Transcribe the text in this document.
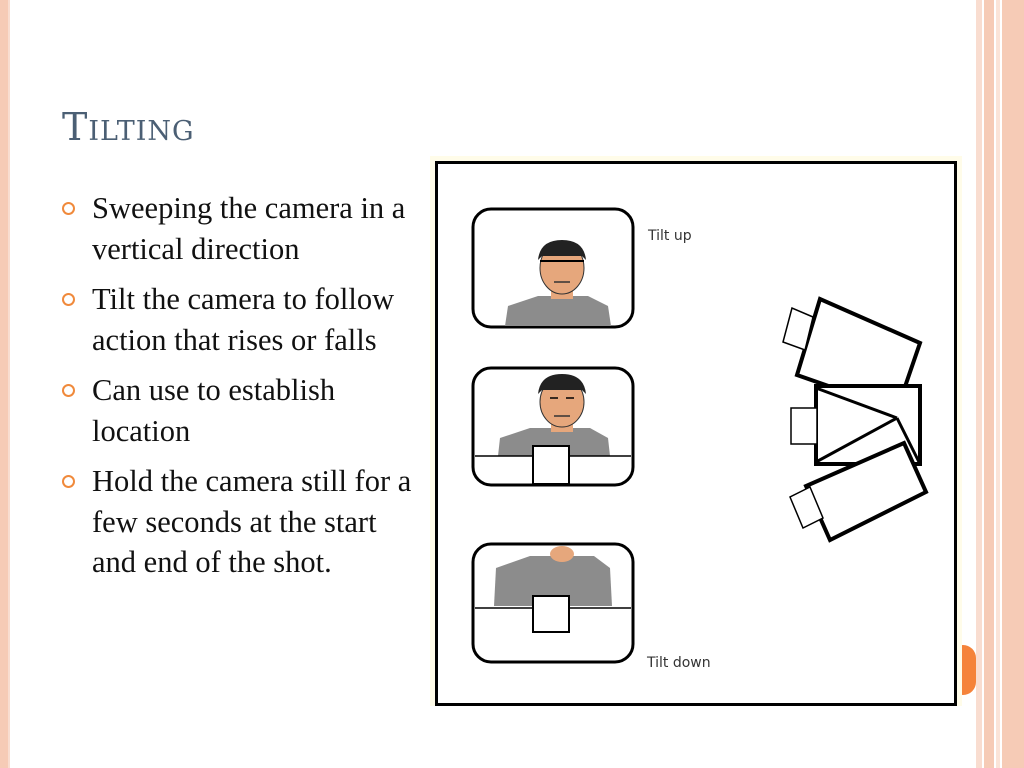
Tilting
Sweeping the camera in a vertical direction
Tilt the camera to follow action that rises or falls
Can use to establish location
Hold the camera still for a few seconds at the start and end of the shot.
Tilt up
Tilt down
